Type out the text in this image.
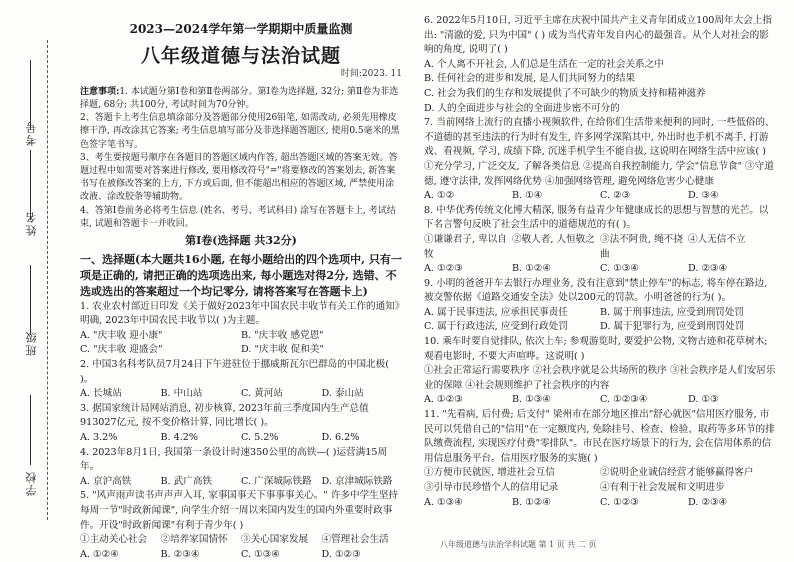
考号
姓名
班级
学校
2023—2024学年第一学期期中质量监测
八年级道德与法治试题
时间:2023. 11

注意事项:1. 本试题分第Ⅰ卷和第Ⅱ卷两部分。第Ⅰ卷为选择题, 32分; 第Ⅱ卷为非选择题, 68分; 共100分, 考试时间为70分钟。

2、答题卡上考生信息填涂部分及答题部分使用26铅笔, 如需改动, 必须先用橡皮擦干净, 再改涂其它答案; 考生信息填写部分及非选择题答题区, 使用0.5毫米的黑色签字笔书写。

3、考生要按题号顺序在各题目的答题区域内作答, 超出答题区域的答案无效。答题过程中如需要对答案进行修改, 要用修改符号"="将要修改的答案划去, 新答案书写在被修改答案的上方, 下方或后面, 但不能超出相应的答题区域, 严禁使用涂改液、涂改胶条等辅助物。

4、答第Ⅰ卷前务必将考生信息 (姓名、考号、考试科目) 涂写在答题卡上, 考试结束, 试题和答题卡一并收回。

第Ⅰ卷(选择题 共32分)

一、选择题(本大题共16小题, 在每小题给出的四个选项中, 只有一项是正确的, 请把正确的选项选出来, 每小题选对得2分, 选错、不选或选出的答案超过一个均记零分, 请将答案写在答题卡上)

1. 农业农村部近日印发《关于做好2023年中国农民丰收节有关工作的通知》明确, 2023年中国农民丰收节以( )为主题。

A. "庆丰收 迎小康"	B. "庆丰收 感党恩"
C. "庆丰收 迎盛会"	D. "庆丰收 促和美"

2. 中国3名科考队员7月24日下午进驻位于挪威斯瓦尔巴群岛的中国北极( )。

A. 长城站	B. 中山站	C. 黄河站	D. 泰山站

3. 据国家统计局网站消息, 初步核算, 2023年前三季度国内生产总值913027亿元, 按不变价格计算, 同比增长( )。

A. 3.2%	B. 4.2%	C. 5.2%	D. 6.2%

4. 2023年8月1日, 我国第一条设计时速350公里的高铁—( )运营满15周年。

A. 京沪高铁	B. 武广高铁	C. 广深城际铁路	D. 京津城际铁路

5. "风声雨声读书声声声入耳, 家事国事天下事事事关心。" 许多中学生坚持每周一节"时政新闻课", 向学生介绍一周以来国内发生的国内外重要时政事件。开设"时政新闻课"有利于青少年( )

①主动关心社会	②培养家国情怀	③关心国家发展	④管理社会生活
A. ①②④	B. ②③④	C. ①③④	D. ①②③

6. 2022年5月10日, 习近平主席在庆祝中国共产主义青年团成立100周年大会上指出: "清澈的爱, 只为中国" ( ) 成为当代青年发自内心的最强音。从个人对社会的影响的角度, 说明了( )

A. 个人离不开社会, 人们总是生活在一定的社会关系之中

B. 任何社会的进步和发展, 是人们共同努力的结果

C. 社会为我们的生存和发展提供了不可缺少的物质支持和精神滋养

D. 人的全面进步与社会的全面进步密不可分的

7. 当前网络上流行的直播小视频软件, 在给你们生活带来便利的同时, 一些低俗的、不道德的甚至违法的行为时有发生, 许多网学深陷其中, 外出时也手机不离手, 打游戏、看视频, 学习, 成绩下降, 沉迷手机学生不能自拔, 这说明在网络生活中应该( )

①充分学习, 广泛交友, 了解各类信息 ②提高自我控制能力, 学会"信息节食" ③守道德, 遵守法律, 发挥网络优势 ④加强网络管理, 避免网络危害少心健康

A. ①②	B. ①④	C. ②③	D. ③④

8. 中华优秀传统文化博大精深, 服务有益青少年健康成长的思想与智慧的光芒。以下名言警句反映了社会生活中的道德规范的有( )。

①谦谦君子, 卑以自牧
②敬人者, 人恒敬之 ③法不阿贵, 绳不挠曲
④人无信不立
A. ①②③	B. ①②④	C. ①③④	D. ②③④

9. 小明的爸爸开车去银行办理业务, 没有注意到"禁止停车"的标志, 将车停在路边, 被交警依据《道路交通安全法》处以200元的罚款。小明爸爸的行为( )。

A. 属于民事违法, 应承担民事责任	B. 属于刑事违法, 应受到刑罚处罚
C. 属于行政违法, 应受到行政处罚	D. 属于犯罪行为, 应受到刑罚处罚

10. 乘车时要自觉排队, 依次上车; 参观游览时, 要爱护公物, 文物古迹和花草树木; 观看电影时, 不要大声喧哗。这说明( )

①社会正常运行需要秩序 ②社会秩序就是公共场所的秩序 ③社会秩序是人们安居乐业的保障 ④社会规则维护了社会秩序的内容

A. ①②③	B. ①③④	C. ①②③④	D. ①③

11. "先看病, 后付费; 后支付" 梁州市在部分地区推出"舒心就医"信用医疗服务, 市民可以凭借自己的"信用"在一定额度内, 免除挂号、检查、检验、取药等多环节的排队缴费流程, 实现医疗付费"零排队"。市民在医疗场景下的行为, 会在信用体系的信用信息服务平台。信用医疗服务的实施( )

①方便市民就医, 增进社会互信	②说明企业诚信经营才能够赢得客户
③引导市民珍惜个人的信用记录	④有利于社会发展和文明进步
A. ①③④	B. ①②④	C. ①②③	D. ②③④
八年级道德与法治学科试题 第 1 页 共 二 页
